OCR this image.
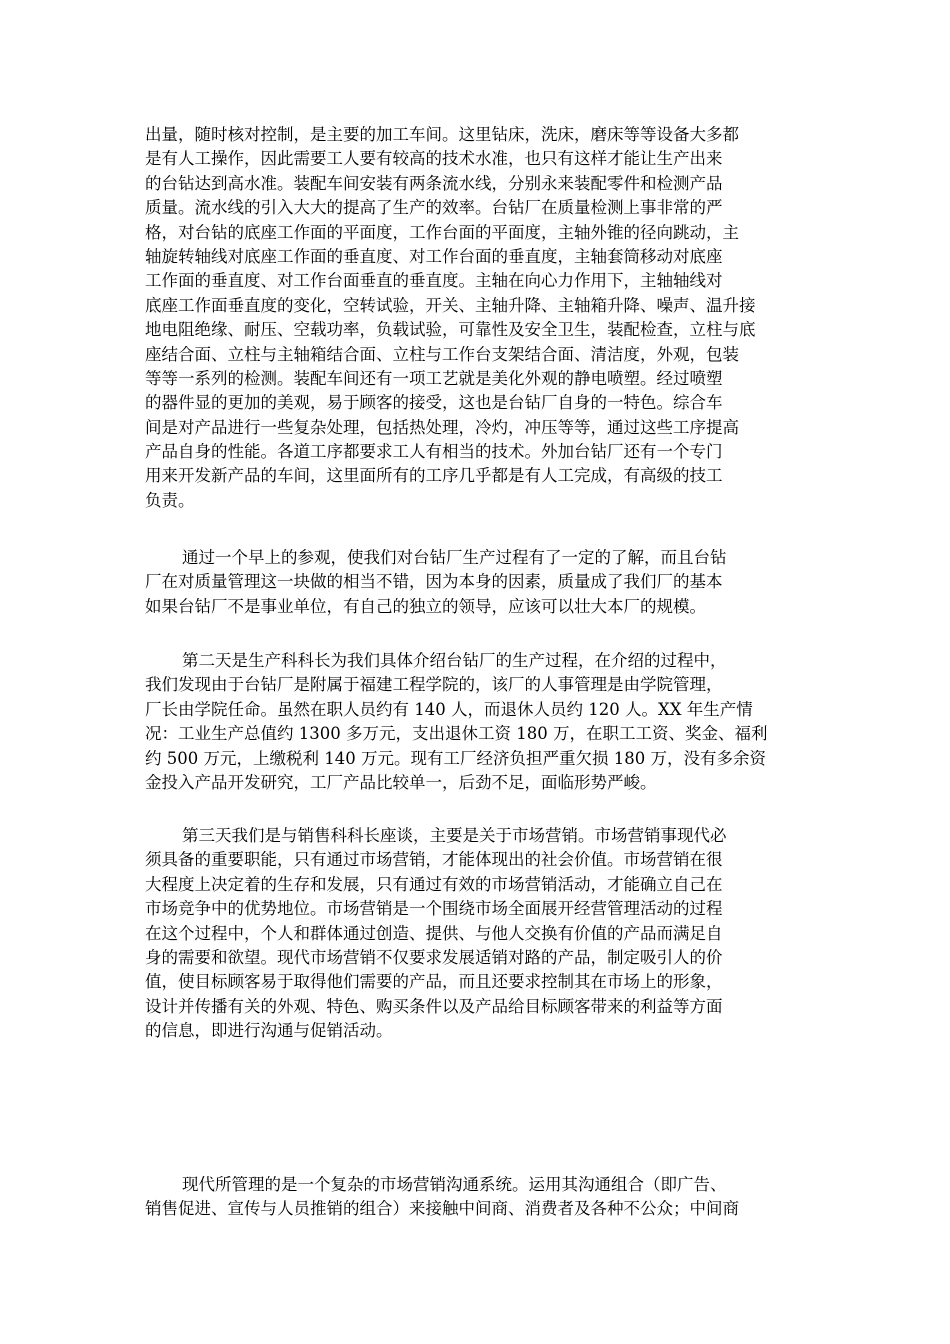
出量，随时核对控制，是主要的加工车间。这里钻床，洗床，磨床等等设备大多都
是有人工操作，因此需要工人要有较高的技术水准，也只有这样才能让生产出来
的台钻达到高水准。装配车间安装有两条流水线，分别永来装配零件和检测产品
质量。流水线的引入大大的提高了生产的效率。台钻厂在质量检测上事非常的严
格，对台钻的底座工作面的平面度，工作台面的平面度，主轴外锥的径向跳动，主
轴旋转轴线对底座工作面的垂直度、对工作台面的垂直度，主轴套筒移动对底座
工作面的垂直度、对工作台面垂直的垂直度。主轴在向心力作用下，主轴轴线对
底座工作面垂直度的变化，空转试验，开关、主轴升降、主轴箱升降、噪声、温升接
地电阻绝缘、耐压、空载功率，负载试验，可靠性及安全卫生，装配检查，立柱与底
座结合面、立柱与主轴箱结合面、立柱与工作台支架结合面、清洁度，外观，包装
等等一系列的检测。装配车间还有一项工艺就是美化外观的静电喷塑。经过喷塑
的器件显的更加的美观，易于顾客的接受，这也是台钻厂自身的一特色。综合车
间是对产品进行一些复杂处理，包括热处理，冷灼，冲压等等，通过这些工序提高
产品自身的性能。各道工序都要求工人有相当的技术。外加台钻厂还有一个专门
用来开发新产品的车间，这里面所有的工序几乎都是有人工完成，有高级的技工
负责。
通过一个早上的参观，使我们对台钻厂生产过程有了一定的了解，而且台钻
厂在对质量管理这一块做的相当不错，因为本身的因素，质量成了我们厂的基本
如果台钻厂不是事业单位，有自己的独立的领导，应该可以壮大本厂的规模。
第二天是生产科科长为我们具体介绍台钻厂的生产过程，在介绍的过程中，
我们发现由于台钻厂是附属于福建工程学院的，该厂的人事管理是由学院管理，
厂长由学院任命。虽然在职人员约有 140 人，而退休人员约 120 人。XX 年生产情
况：工业生产总值约 1300 多万元，支出退休工资 180 万，在职工工资、奖金、福利
约 500 万元，上缴税利 140 万元。现有工厂经济负担严重欠损 180 万，没有多余资
金投入产品开发研究，工厂产品比较单一，后劲不足，面临形势严峻。
第三天我们是与销售科科长座谈，主要是关于市场营销。市场营销事现代必
须具备的重要职能，只有通过市场营销，才能体现出的社会价值。市场营销在很
大程度上决定着的生存和发展，只有通过有效的市场营销活动，才能确立自己在
市场竞争中的优势地位。市场营销是一个围绕市场全面展开经营管理活动的过程
在这个过程中，个人和群体通过创造、提供、与他人交换有价值的产品而满足自
身的需要和欲望。现代市场营销不仅要求发展适销对路的产品，制定吸引人的价
值，使目标顾客易于取得他们需要的产品，而且还要求控制其在市场上的形象，
设计并传播有关的外观、特色、购买条件以及产品给目标顾客带来的利益等方面
的信息，即进行沟通与促销活动。
现代所管理的是一个复杂的市场营销沟通系统。运用其沟通组合（即广告、
销售促进、宣传与人员推销的组合）来接触中间商、消费者及各种不公众；中间商
